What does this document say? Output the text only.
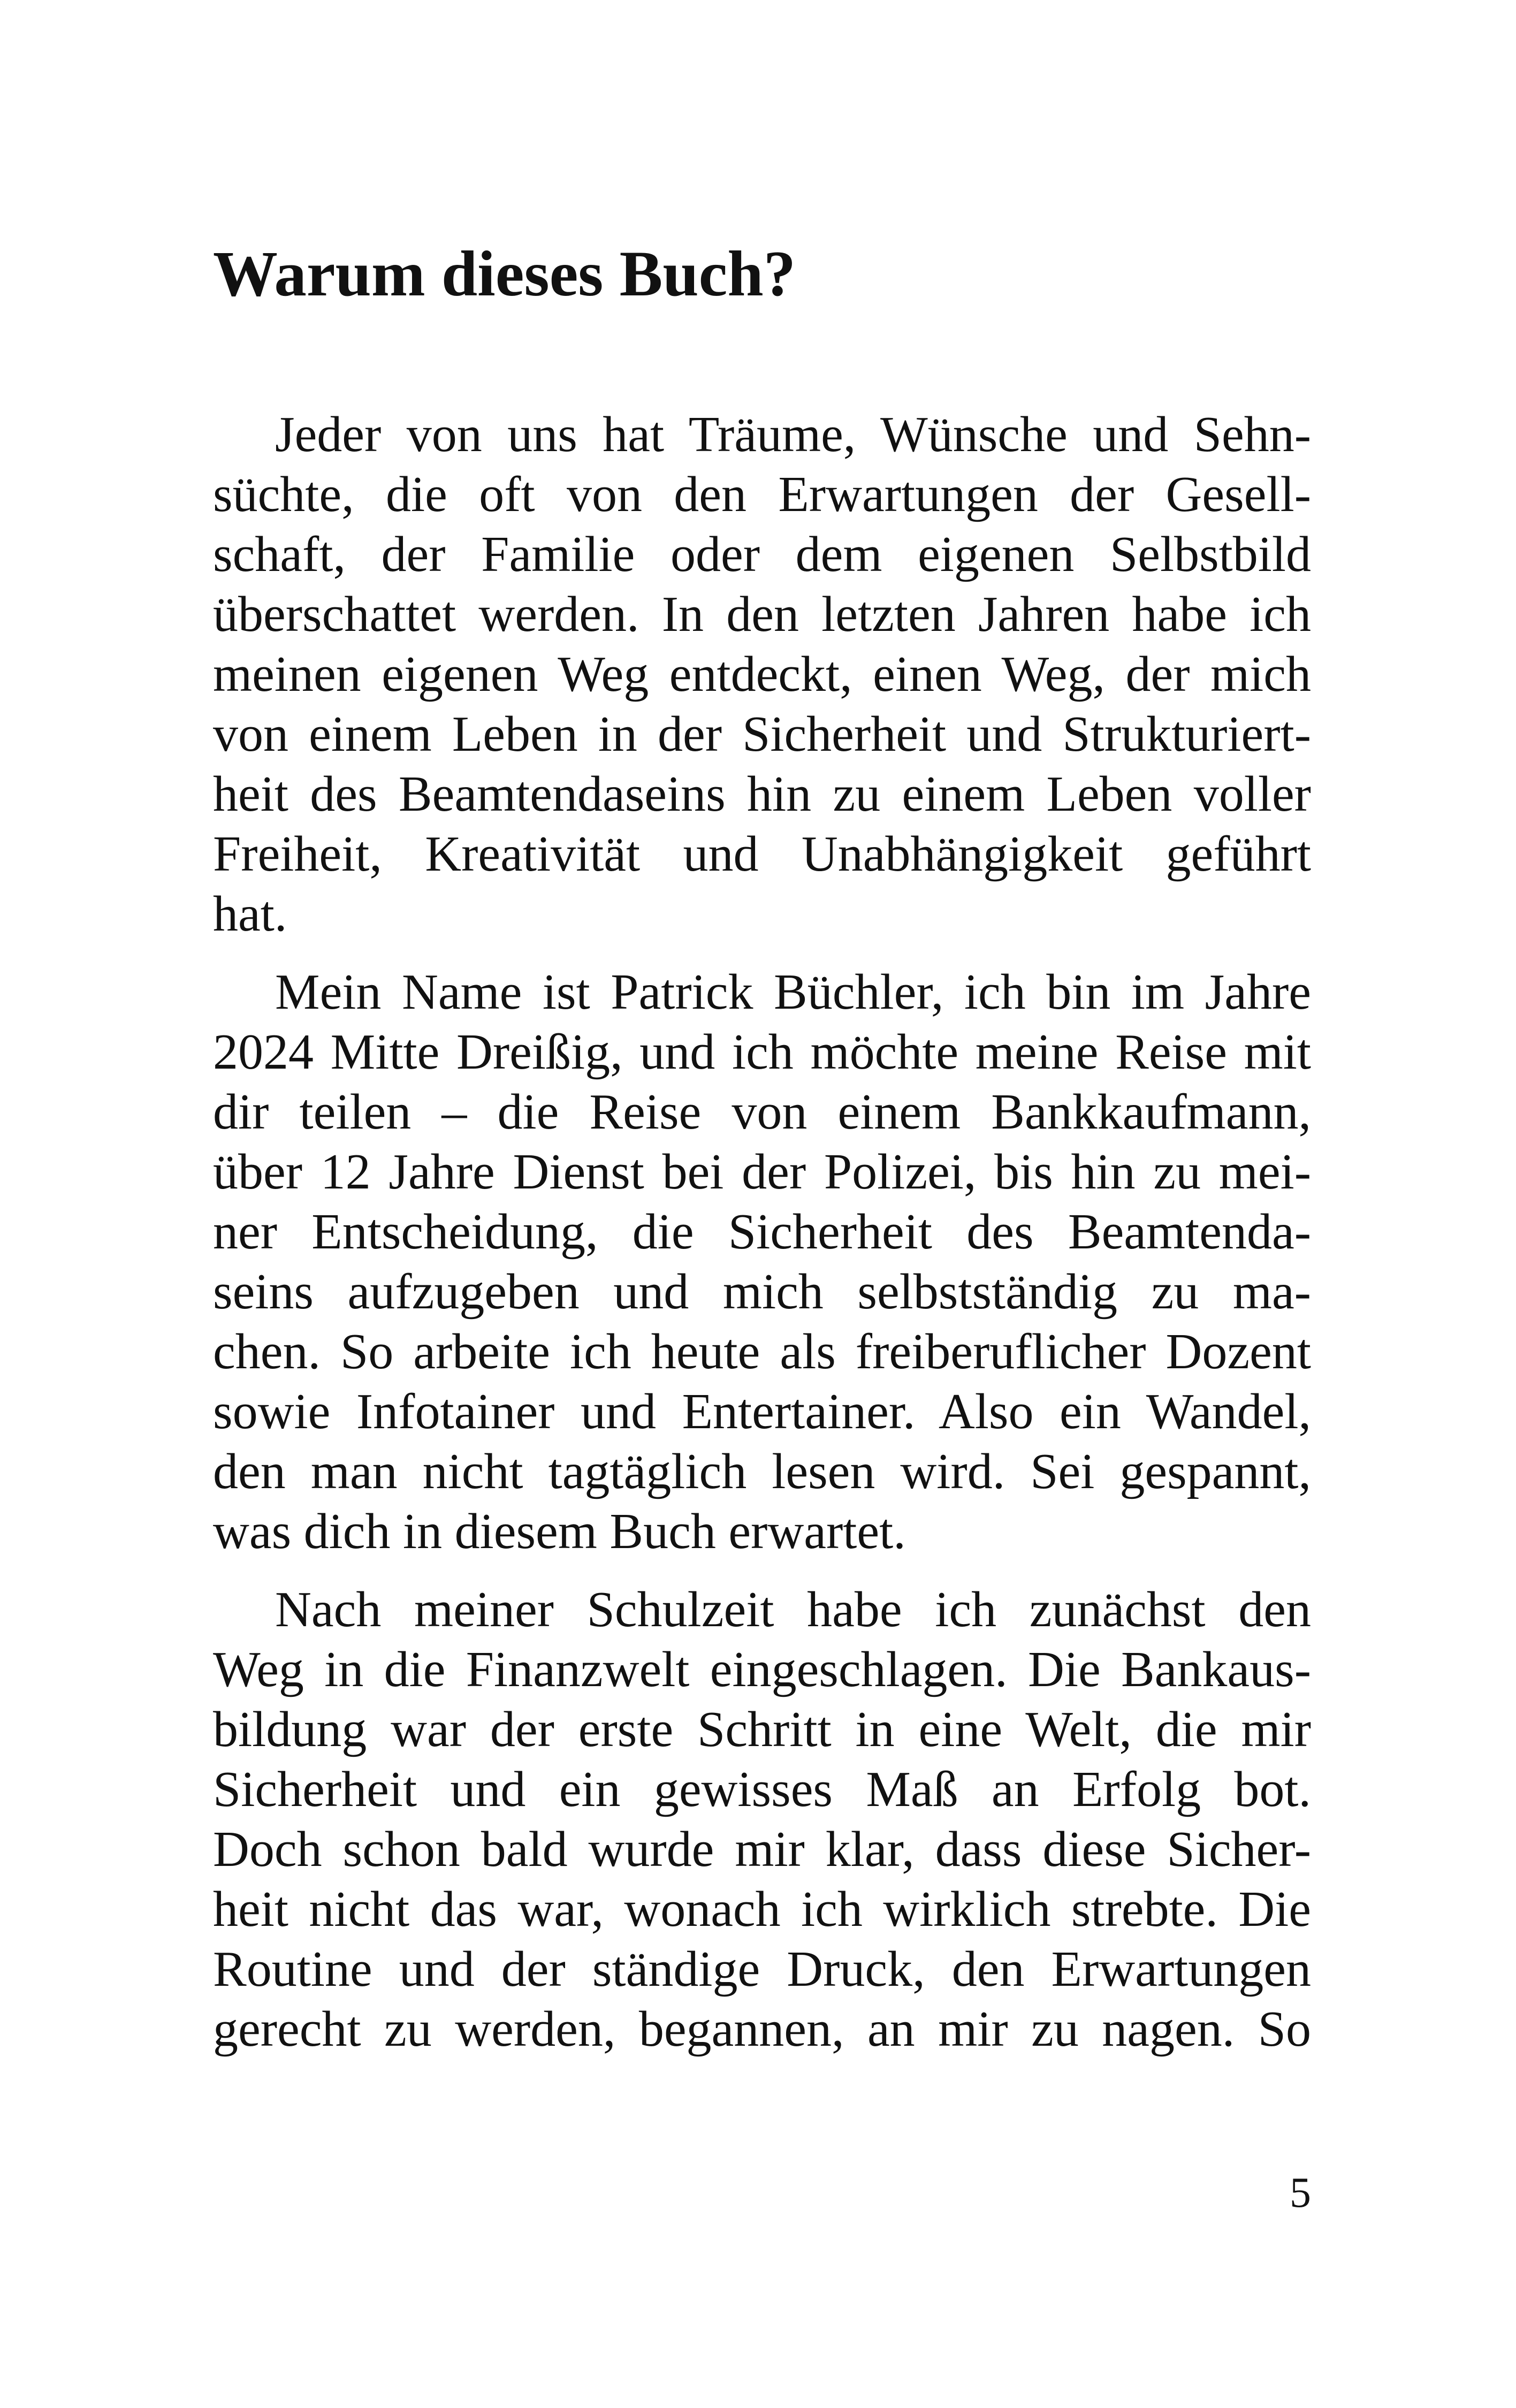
Warum dieses Buch?

Jeder von uns hat Träume, Wünsche und Sehn-
süchte, die oft von den Erwartungen der Gesell-
schaft, der Familie oder dem eigenen Selbstbild
überschattet werden. In den letzten Jahren habe ich
meinen eigenen Weg entdeckt, einen Weg, der mich
von einem Leben in der Sicherheit und Strukturiert-
heit des Beamtendaseins hin zu einem Leben voller
Freiheit, Kreativität und Unabhängigkeit geführt
hat.

Mein Name ist Patrick Büchler, ich bin im Jahre
2024 Mitte Dreißig, und ich möchte meine Reise mit
dir teilen – die Reise von einem Bankkaufmann,
über 12 Jahre Dienst bei der Polizei, bis hin zu mei-
ner Entscheidung, die Sicherheit des Beamtenda-
seins aufzugeben und mich selbstständig zu ma-
chen. So arbeite ich heute als freiberuflicher Dozent
sowie Infotainer und Entertainer. Also ein Wandel,
den man nicht tagtäglich lesen wird. Sei gespannt,
was dich in diesem Buch erwartet.

Nach meiner Schulzeit habe ich zunächst den
Weg in die Finanzwelt eingeschlagen. Die Bankaus-
bildung war der erste Schritt in eine Welt, die mir
Sicherheit und ein gewisses Maß an Erfolg bot.
Doch schon bald wurde mir klar, dass diese Sicher-
heit nicht das war, wonach ich wirklich strebte. Die
Routine und der ständige Druck, den Erwartungen
gerecht zu werden, begannen, an mir zu nagen. So

5
